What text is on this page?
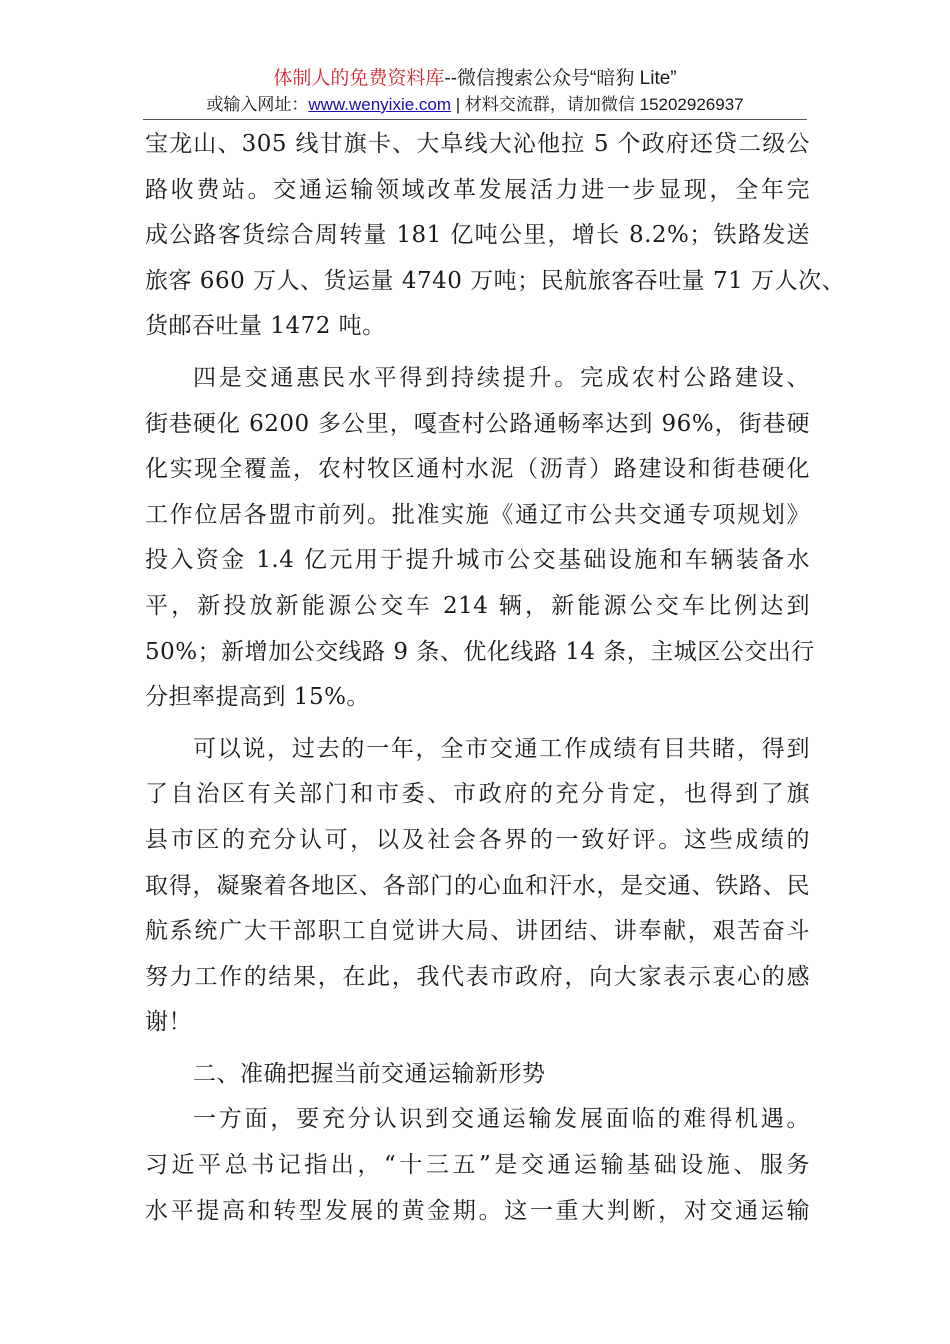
体制人的免费资料库--微信搜索公众号“暗狗 Lite”
或输入网址：www.wenyixie.com | 材料交流群，请加微信 15202926937
宝龙山、305 线甘旗卡、大阜线大沁他拉 5 个政府还贷二级公
路收费站。交通运输领域改革发展活力进一步显现，全年完
成公路客货综合周转量 181 亿吨公里，增长 8.2%；铁路发送
旅客 660 万人、货运量 4740 万吨；民航旅客吞吐量 71 万人次、
货邮吞吐量 1472 吨。
四是交通惠民水平得到持续提升。完成农村公路建设、
街巷硬化 6200 多公里，嘎查村公路通畅率达到 96%，街巷硬
化实现全覆盖，农村牧区通村水泥（沥青）路建设和街巷硬化
工作位居各盟市前列。批准实施《通辽市公共交通专项规划》
投入资金 1.4 亿元用于提升城市公交基础设施和车辆装备水
平，新投放新能源公交车 214 辆，新能源公交车比例达到
50%；新增加公交线路 9 条、优化线路 14 条，主城区公交出行
分担率提高到 15%。
可以说，过去的一年，全市交通工作成绩有目共睹，得到
了自治区有关部门和市委、市政府的充分肯定，也得到了旗
县市区的充分认可，以及社会各界的一致好评。这些成绩的
取得，凝聚着各地区、各部门的心血和汗水，是交通、铁路、民
航系统广大干部职工自觉讲大局、讲团结、讲奉献，艰苦奋斗
努力工作的结果，在此，我代表市政府，向大家表示衷心的感
谢！
二、准确把握当前交通运输新形势
一方面，要充分认识到交通运输发展面临的难得机遇。
习近平总书记指出，“十三五”是交通运输基础设施、服务
水平提高和转型发展的黄金期。这一重大判断，对交通运输
